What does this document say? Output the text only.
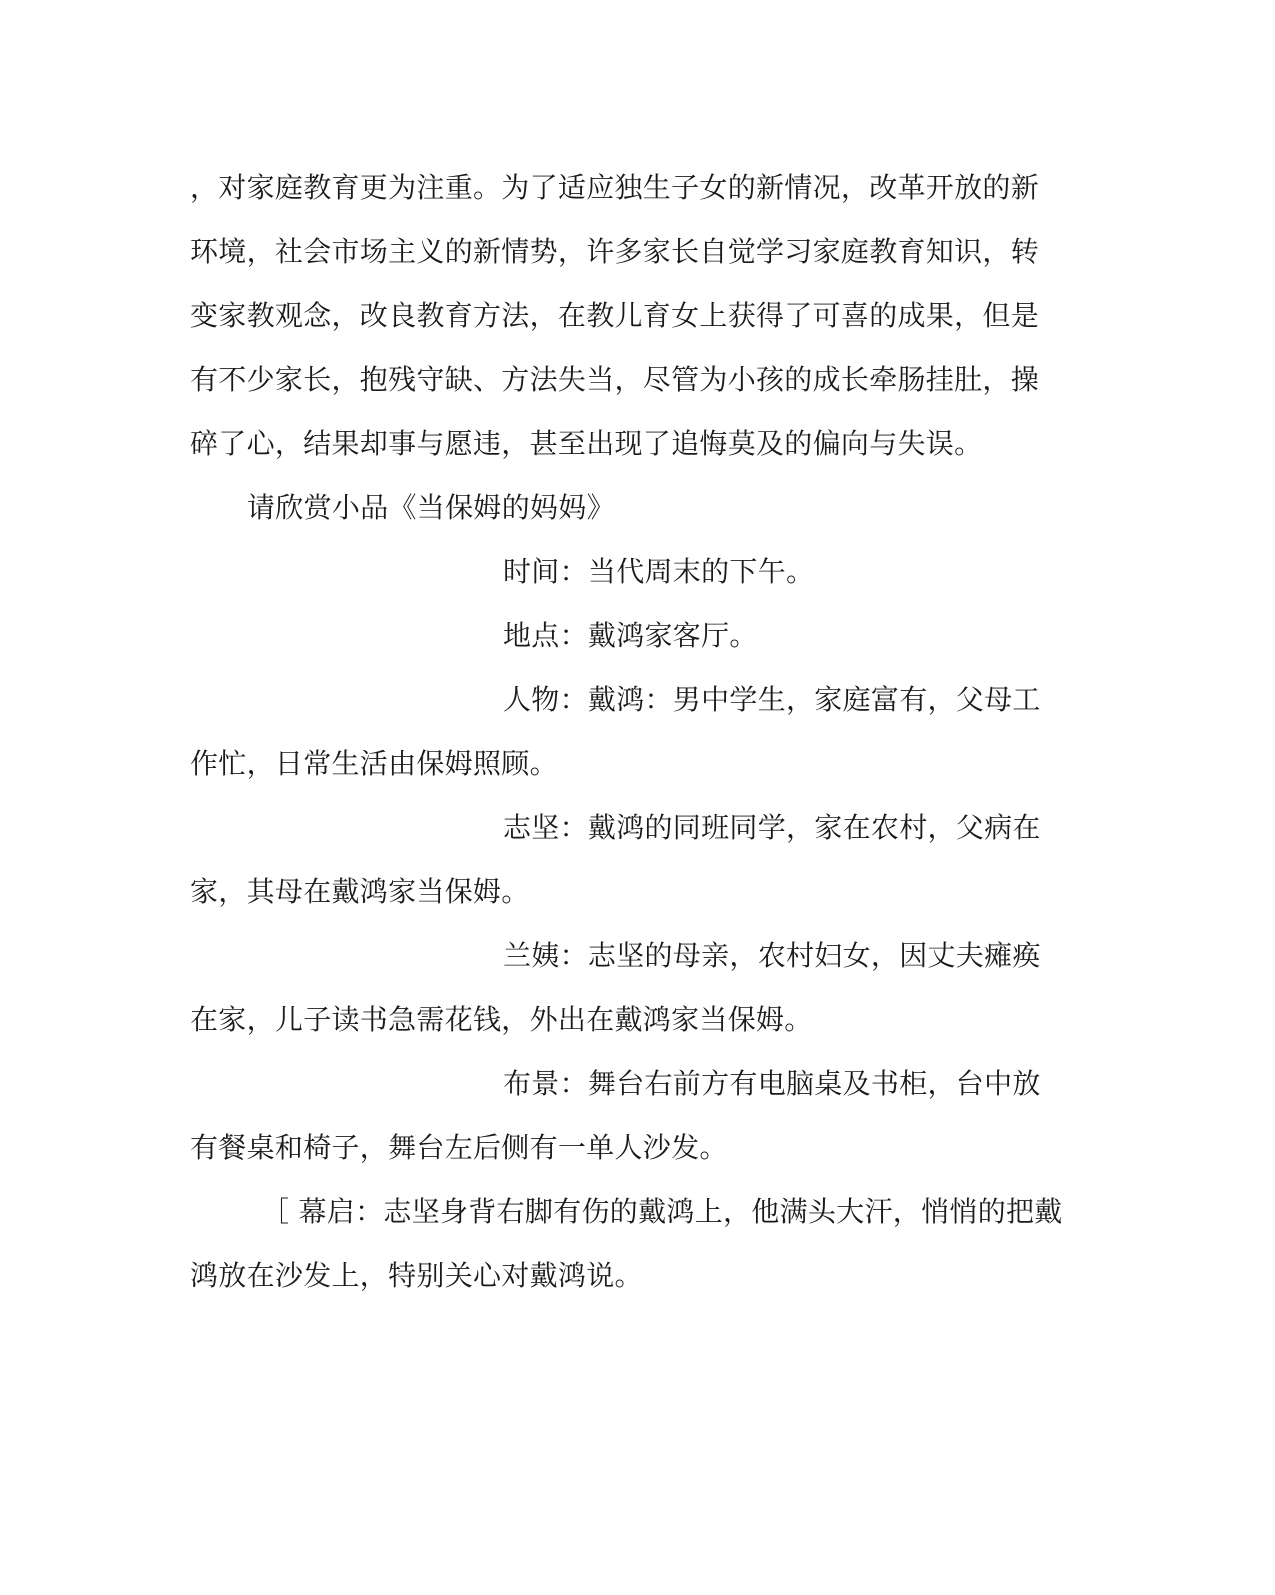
，对家庭教育更为注重。为了适应独生子女的新情况，改革开放的新
环境，社会市场主义的新情势，许多家长自觉学习家庭教育知识，转
变家教观念，改良教育方法，在教儿育女上获得了可喜的成果，但是
有不少家长，抱残守缺、方法失当，尽管为小孩的成长牵肠挂肚，操
碎了心，结果却事与愿违，甚至出现了追悔莫及的偏向与失误。
请欣赏小品《当保姆的妈妈》
时间：当代周末的下午。
地点：戴鸿家客厅。
人物：戴鸿：男中学生，家庭富有，父母工
作忙，日常生活由保姆照顾。
志坚：戴鸿的同班同学，家在农村，父病在
家，其母在戴鸿家当保姆。
兰姨：志坚的母亲，农村妇女，因丈夫瘫痪
在家，儿子读书急需花钱，外出在戴鸿家当保姆。
布景：舞台右前方有电脑桌及书柜，台中放
有餐桌和椅子，舞台左后侧有一单人沙发。
［ 幕启：志坚身背右脚有伤的戴鸿上，他满头大汗，悄悄的把戴
鸿放在沙发上，特别关心对戴鸿说。
